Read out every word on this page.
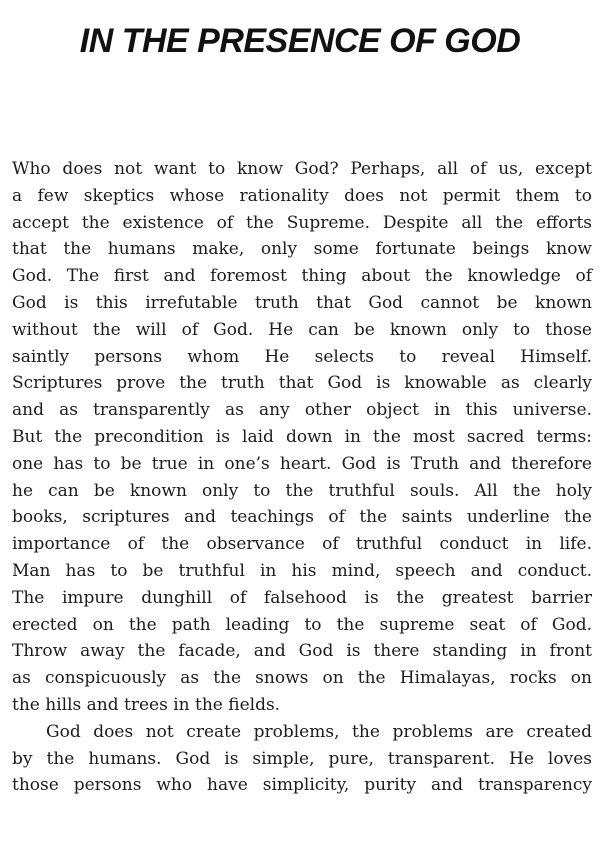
IN THE PRESENCE OF GOD
Who does not want to know God? Perhaps, all of us, except
a few skeptics whose rationality does not permit them to
accept the existence of the Supreme. Despite all the efforts
that the humans make, only some fortunate beings know
God. The first and foremost thing about the knowledge of
God is this irrefutable truth that God cannot be known
without the will of God. He can be known only to those
saintly persons whom He selects to reveal Himself.
Scriptures prove the truth that God is knowable as clearly
and as transparently as any other object in this universe.
But the precondition is laid down in the most sacred terms:
one has to be true in one’s heart. God is Truth and therefore
he can be known only to the truthful souls. All the holy
books, scriptures and teachings of the saints underline the
importance of the observance of truthful conduct in life.
Man has to be truthful in his mind, speech and conduct.
The impure dunghill of falsehood is the greatest barrier
erected on the path leading to the supreme seat of God.
Throw away the facade, and God is there standing in front
as conspicuously as the snows on the Himalayas, rocks on
the hills and trees in the fields.
God does not create problems, the problems are created
by the humans. God is simple, pure, transparent. He loves
those persons who have simplicity, purity and transparency
